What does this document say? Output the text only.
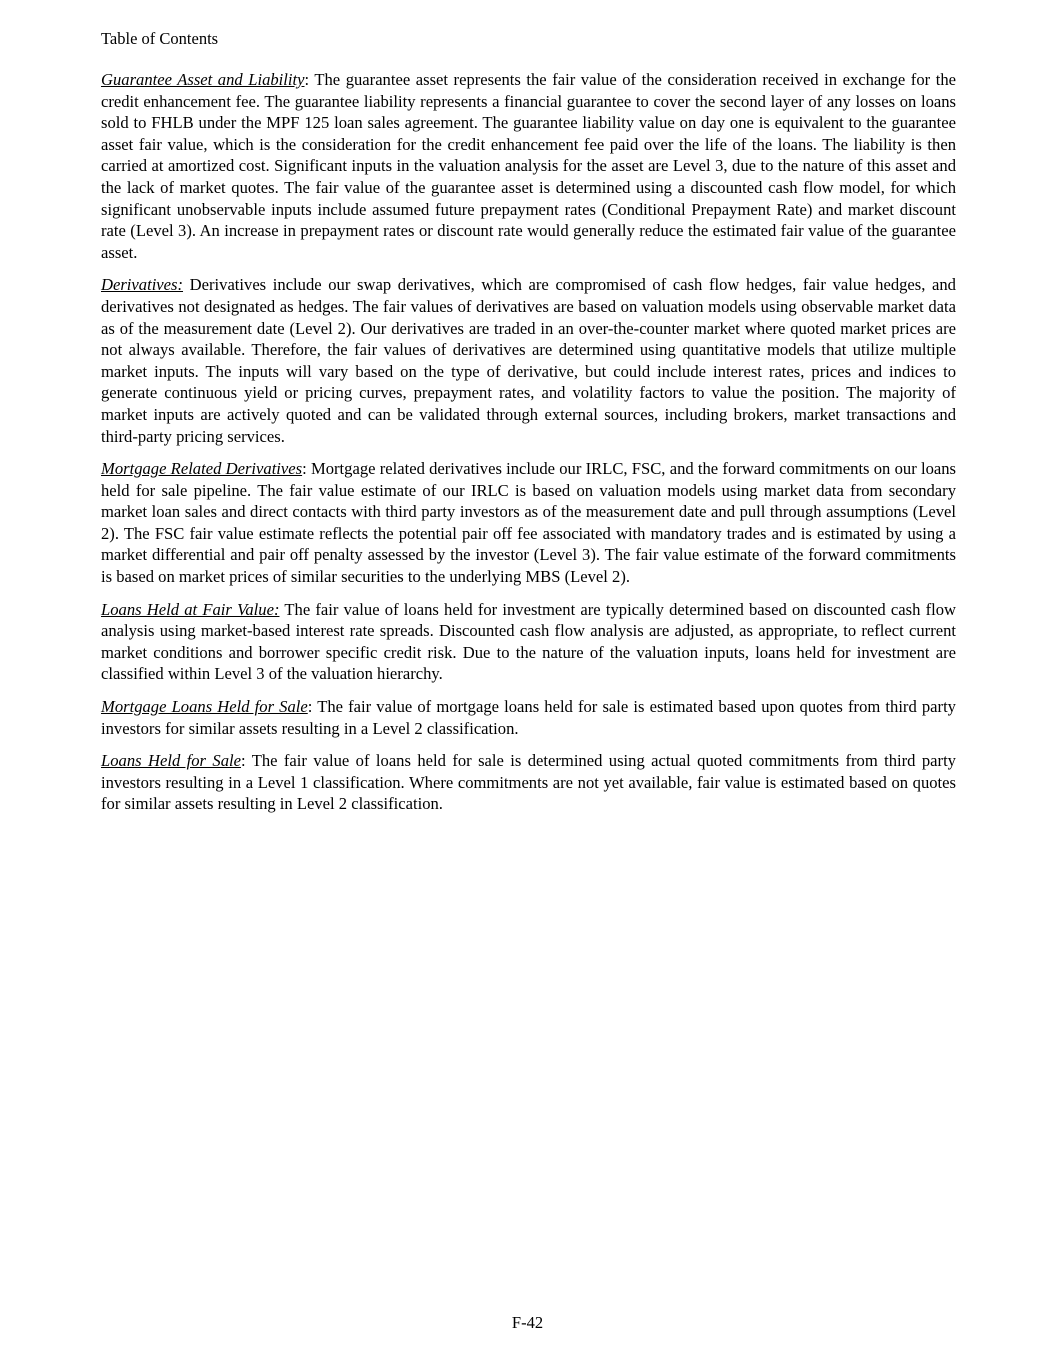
Table of Contents

Guarantee Asset and Liability: The guarantee asset represents the fair value of the consideration received in exchange for the credit enhancement fee. The guarantee liability represents a financial guarantee to cover the second layer of any losses on loans sold to FHLB under the MPF 125 loan sales agreement. The guarantee liability value on day one is equivalent to the guarantee asset fair value, which is the consideration for the credit enhancement fee paid over the life of the loans. The liability is then carried at amortized cost. Significant inputs in the valuation analysis for the asset are Level 3, due to the nature of this asset and the lack of market quotes. The fair value of the guarantee asset is determined using a discounted cash flow model, for which significant unobservable inputs include assumed future prepayment rates (Conditional Prepayment Rate) and market discount rate (Level 3). An increase in prepayment rates or discount rate would generally reduce the estimated fair value of the guarantee asset.

Derivatives: Derivatives include our swap derivatives, which are compromised of cash flow hedges, fair value hedges, and derivatives not designated as hedges. The fair values of derivatives are based on valuation models using observable market data as of the measurement date (Level 2). Our derivatives are traded in an over-the-counter market where quoted market prices are not always available. Therefore, the fair values of derivatives are determined using quantitative models that utilize multiple market inputs. The inputs will vary based on the type of derivative, but could include interest rates, prices and indices to generate continuous yield or pricing curves, prepayment rates, and volatility factors to value the position. The majority of market inputs are actively quoted and can be validated through external sources, including brokers, market transactions and third-party pricing services.

Mortgage Related Derivatives: Mortgage related derivatives include our IRLC, FSC, and the forward commitments on our loans held for sale pipeline. The fair value estimate of our IRLC is based on valuation models using market data from secondary market loan sales and direct contacts with third party investors as of the measurement date and pull through assumptions (Level 2). The FSC fair value estimate reflects the potential pair off fee associated with mandatory trades and is estimated by using a market differential and pair off penalty assessed by the investor (Level 3). The fair value estimate of the forward commitments is based on market prices of similar securities to the underlying MBS (Level 2).

Loans Held at Fair Value: The fair value of loans held for investment are typically determined based on discounted cash flow analysis using market-based interest rate spreads. Discounted cash flow analysis are adjusted, as appropriate, to reflect current market conditions and borrower specific credit risk. Due to the nature of the valuation inputs, loans held for investment are classified within Level 3 of the valuation hierarchy.

Mortgage Loans Held for Sale: The fair value of mortgage loans held for sale is estimated based upon quotes from third party investors for similar assets resulting in a Level 2 classification.

Loans Held for Sale: The fair value of loans held for sale is determined using actual quoted commitments from third party investors resulting in a Level 1 classification. Where commitments are not yet available, fair value is estimated based on quotes for similar assets resulting in Level 2 classification.

F-42
